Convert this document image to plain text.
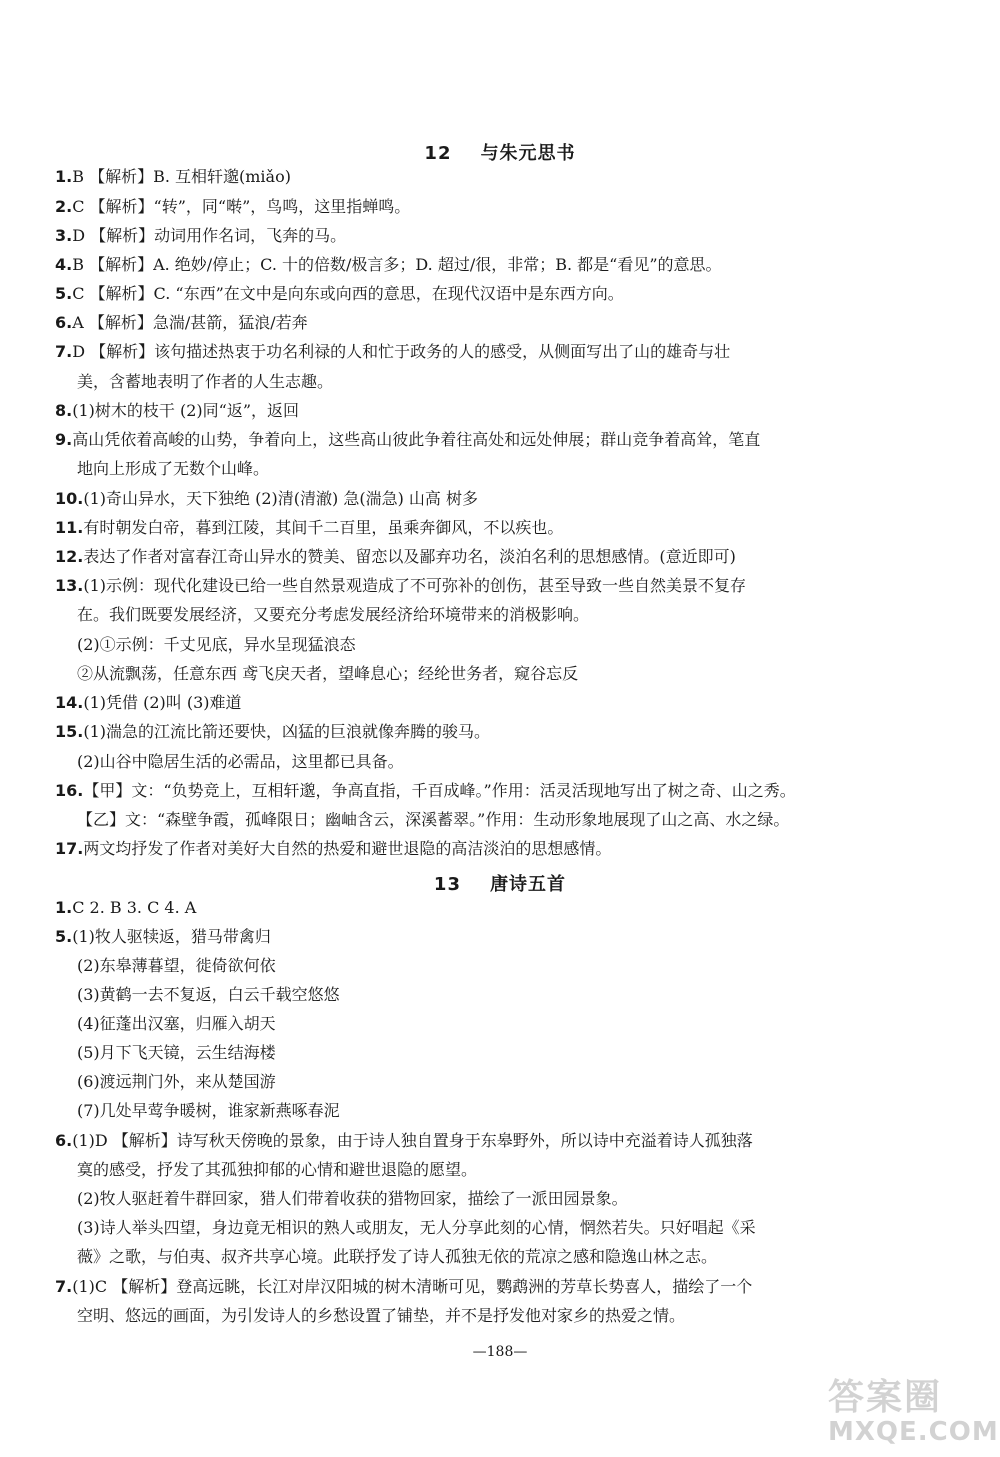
12 与朱元思书
1.B 【解析】B. 互相轩邈(miǎo)
2.C 【解析】“转”，同“啭”，鸟鸣，这里指蝉鸣。
3.D 【解析】动词用作名词，飞奔的马。
4.B 【解析】A. 绝妙/停止；C. 十的倍数/极言多；D. 超过/很，非常；B. 都是“看见”的意思。
5.C 【解析】C. “东西”在文中是向东或向西的意思，在现代汉语中是东西方向。
6.A 【解析】急湍/甚箭，猛浪/若奔
7.D 【解析】该句描述热衷于功名利禄的人和忙于政务的人的感受，从侧面写出了山的雄奇与壮
美，含蓄地表明了作者的人生志趣。
8.(1)树木的枝干 (2)同“返”，返回
9.高山凭依着高峻的山势，争着向上，这些高山彼此争着往高处和远处伸展；群山竞争着高耸，笔直
地向上形成了无数个山峰。
10.(1)奇山异水，天下独绝 (2)清(清澈) 急(湍急) 山高 树多
11.有时朝发白帝，暮到江陵，其间千二百里，虽乘奔御风，不以疾也。
12.表达了作者对富春江奇山异水的赞美、留恋以及鄙弃功名，淡泊名利的思想感情。(意近即可)
13.(1)示例：现代化建设已给一些自然景观造成了不可弥补的创伤，甚至导致一些自然美景不复存
在。我们既要发展经济，又要充分考虑发展经济给环境带来的消极影响。
(2)①示例：千丈见底，异水呈现猛浪态
②从流飘荡，任意东西 鸢飞戾天者，望峰息心；经纶世务者，窥谷忘反
14.(1)凭借 (2)叫 (3)难道
15.(1)湍急的江流比箭还要快，凶猛的巨浪就像奔腾的骏马。
(2)山谷中隐居生活的必需品，这里都已具备。
16.【甲】文：“负势竞上，互相轩邈，争高直指，千百成峰。”作用：活灵活现地写出了树之奇、山之秀。
【乙】文：“森壁争霞，孤峰限日；幽岫含云，深溪蓄翠。”作用：生动形象地展现了山之高、水之绿。
17.两文均抒发了作者对美好大自然的热爱和避世退隐的高洁淡泊的思想感情。
13 唐诗五首
1.C 2. B 3. C 4. A
5.(1)牧人驱犊返，猎马带禽归
(2)东皋薄暮望，徙倚欲何依
(3)黄鹤一去不复返，白云千载空悠悠
(4)征蓬出汉塞，归雁入胡天
(5)月下飞天镜，云生结海楼
(6)渡远荆门外，来从楚国游
(7)几处早莺争暖树，谁家新燕啄春泥
6.(1)D 【解析】诗写秋天傍晚的景象，由于诗人独自置身于东皋野外，所以诗中充溢着诗人孤独落
寞的感受，抒发了其孤独抑郁的心情和避世退隐的愿望。
(2)牧人驱赶着牛群回家，猎人们带着收获的猎物回家，描绘了一派田园景象。
(3)诗人举头四望，身边竟无相识的熟人或朋友，无人分享此刻的心情，惘然若失。只好唱起《采
薇》之歌，与伯夷、叔齐共享心境。此联抒发了诗人孤独无依的荒凉之感和隐逸山林之志。
7.(1)C 【解析】登高远眺，长江对岸汉阳城的树木清晰可见，鹦鹉洲的芳草长势喜人，描绘了一个
空明、悠远的画面，为引发诗人的乡愁设置了铺垫，并不是抒发他对家乡的热爱之情。
—188—
答案圈
MXQE.COM
